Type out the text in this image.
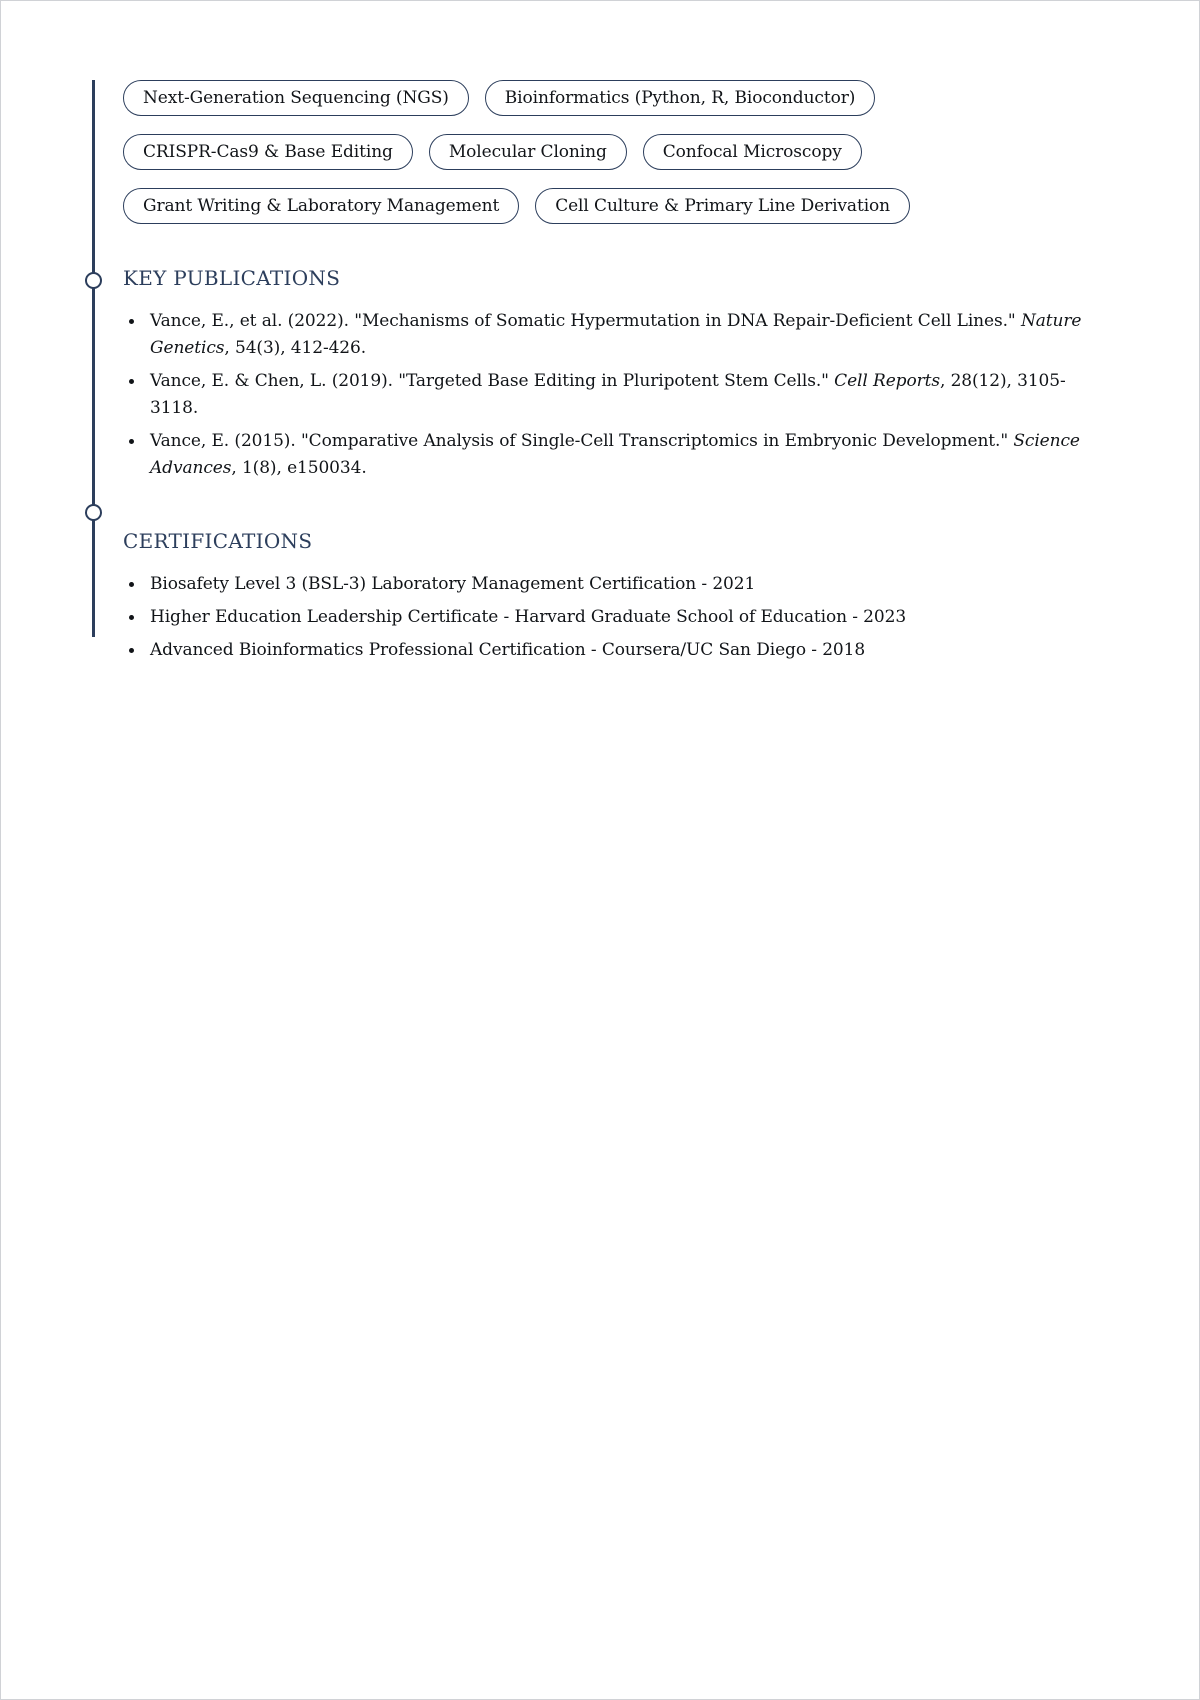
Next-Generation Sequencing (NGS)	Bioinformatics (Python, R, Bioconductor)
CRISPR-Cas9 & Base Editing	Molecular Cloning	Confocal Microscopy
Grant Writing & Laboratory Management	Cell Culture & Primary Line Derivation
KEY PUBLICATIONS
Vance, E., et al. (2022). "Mechanisms of Somatic Hypermutation in DNA Repair-Deficient Cell Lines." Nature Genetics, 54(3), 412-426.
Vance, E. & Chen, L. (2019). "Targeted Base Editing in Pluripotent Stem Cells." Cell Reports, 28(12), 3105-3118.
Vance, E. (2015). "Comparative Analysis of Single-Cell Transcriptomics in Embryonic Development." Science Advances, 1(8), e150034.
CERTIFICATIONS
Biosafety Level 3 (BSL-3) Laboratory Management Certification - 2021
Higher Education Leadership Certificate - Harvard Graduate School of Education - 2023
Advanced Bioinformatics Professional Certification - Coursera/UC San Diego - 2018
